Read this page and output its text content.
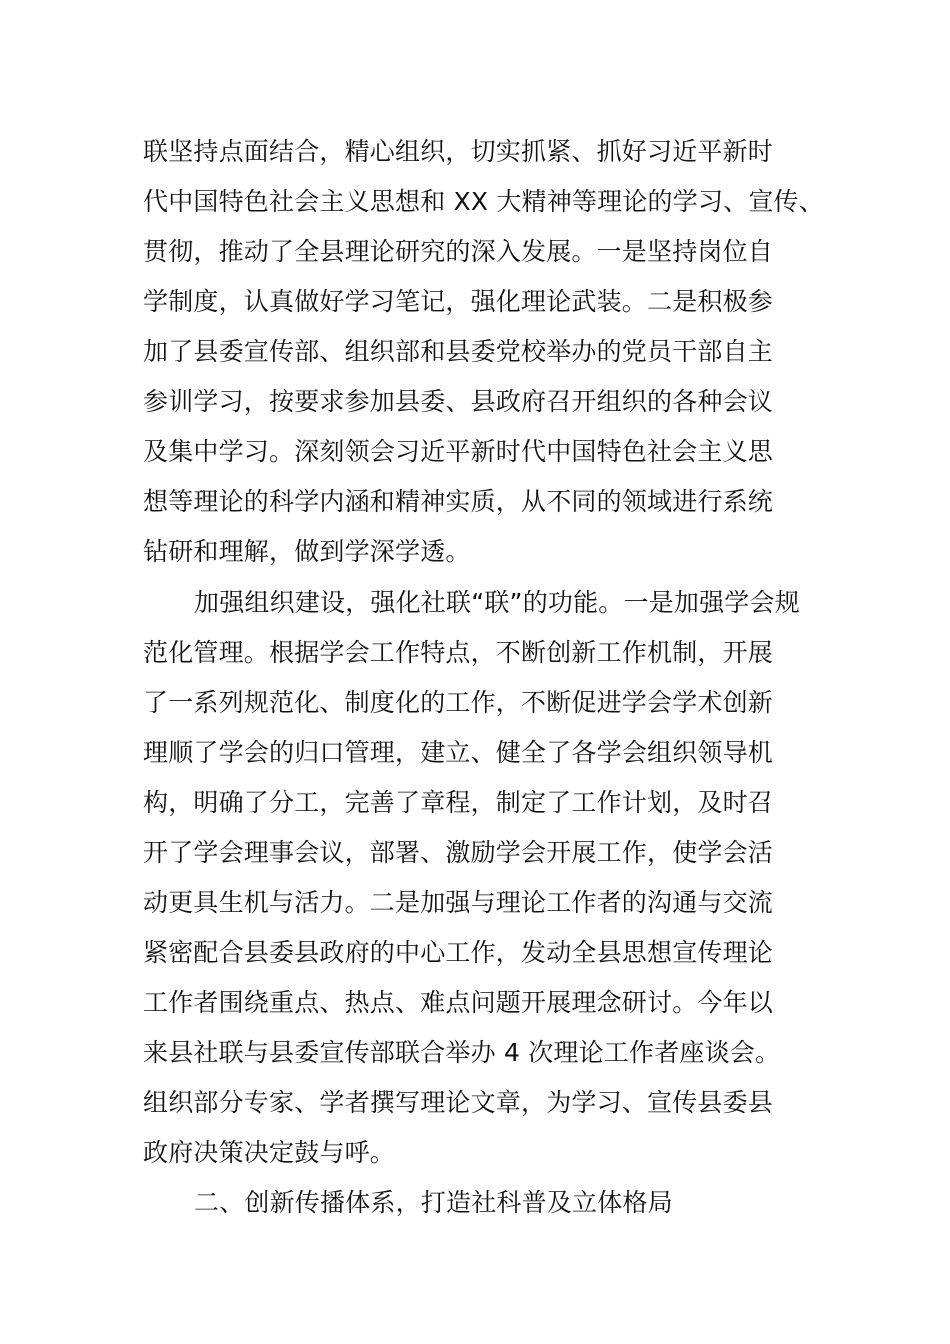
联坚持点面结合，精心组织，切实抓紧、抓好习近平新时

代中国特色社会主义思想和 XX 大精神等理论的学习、宣传、

贯彻，推动了全县理论研究的深入发展。一是坚持岗位自

学制度，认真做好学习笔记，强化理论武装。二是积极参

加了县委宣传部、组织部和县委党校举办的党员干部自主

参训学习，按要求参加县委、县政府召开组织的各种会议

及集中学习。深刻领会习近平新时代中国特色社会主义思

想等理论的科学内涵和精神实质，从不同的领域进行系统

钻研和理解，做到学深学透。

加强组织建设，强化社联“联”的功能。一是加强学会规

范化管理。根据学会工作特点，不断创新工作机制，开展

了一系列规范化、制度化的工作，不断促进学会学术创新

理顺了学会的归口管理，建立、健全了各学会组织领导机

构，明确了分工，完善了章程，制定了工作计划，及时召

开了学会理事会议，部署、激励学会开展工作，使学会活

动更具生机与活力。二是加强与理论工作者的沟通与交流

紧密配合县委县政府的中心工作，发动全县思想宣传理论

工作者围绕重点、热点、难点问题开展理念研讨。今年以

来县社联与县委宣传部联合举办 4 次理论工作者座谈会。

组织部分专家、学者撰写理论文章，为学习、宣传县委县

政府决策决定鼓与呼。

二、创新传播体系，打造社科普及立体格局
